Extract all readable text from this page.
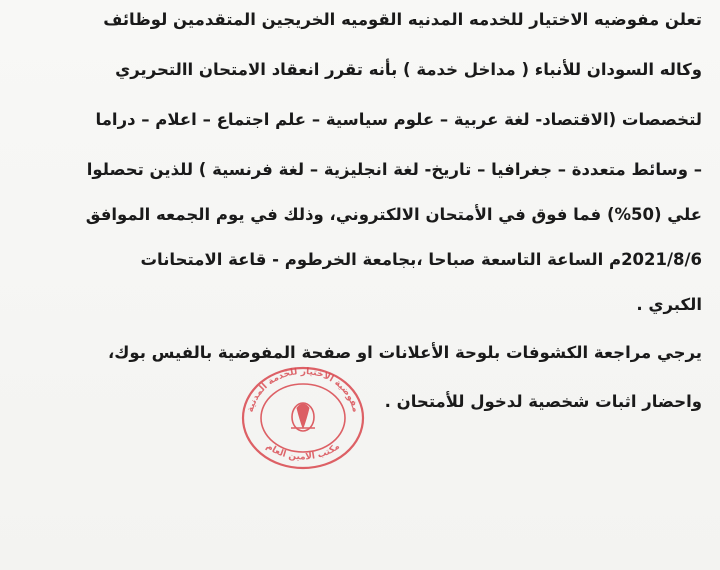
تعلن مفوضيه الاختيار للخدمه المدنيه القوميه الخريجين المتقدمين لوظائف
وكاله السودان للأنباء ( مداخل خدمة ) بأنه تقرر انعقاد الامتحان االتحريري
لتخصصات (الاقتصاد- لغة عربية – علوم سياسية – علم اجتماع – اعلام – دراما
– وسائط متعددة – جغرافيا – تاريخ- لغة انجليزية – لغة فرنسية ) للذين تحصلوا
علي (50%) فما فوق في الأمتحان الالكتروني، وذلك في يوم الجمعه الموافق
2021/8/6م الساعة التاسعة صباحا ،بجامعة الخرطوم - قاعة الامتحانات
الكبري .
يرجي مراجعة الكشوفات بلوحة الأعلانات او صفحة المفوضية بالفيس بوك،
واحضار اثبات شخصية لدخول للأمتحان .
مفوضية الاختيار للخدمة المدنية
مكتب الامين العام
